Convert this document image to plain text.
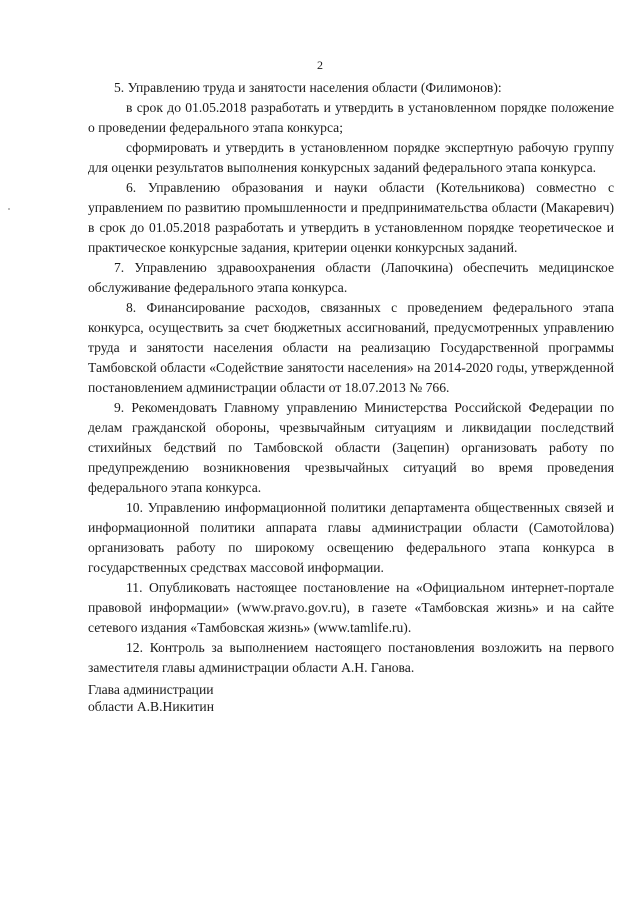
2

5. Управлению труда и занятости населения области (Филимонов):

в срок до 01.05.2018 разработать и утвердить в установленном порядке положение о проведении федерального этапа конкурса;

сформировать и утвердить в установленном порядке экспертную рабочую группу для оценки результатов выполнения конкурсных заданий федерального этапа конкурса.

6. Управлению образования и науки области (Котельникова) совместно с управлением по развитию промышленности и предпринимательства области (Макаревич) в срок до 01.05.2018 разработать и утвердить в установленном порядке теоретическое и практическое конкурсные задания, критерии оценки конкурсных заданий.

7. Управлению здравоохранения области (Лапочкина) обеспечить медицинское обслуживание федерального этапа конкурса.

8. Финансирование расходов, связанных с проведением федерального этапа конкурса, осуществить за счет бюджетных ассигнований, предусмотренных управлению труда и занятости населения области на реализацию Государственной программы Тамбовской области «Содействие занятости населения» на 2014-2020 годы, утвержденной постановлением администрации области от 18.07.2013 № 766.

9. Рекомендовать Главному управлению Министерства Российской Федерации по делам гражданской обороны, чрезвычайным ситуациям и ликвидации последствий стихийных бедствий по Тамбовской области (Зацепин) организовать работу по предупреждению возникновения чрезвычайных ситуаций во время проведения федерального этапа конкурса.

10. Управлению информационной политики департамента общественных связей и информационной политики аппарата главы администрации области (Самотойлова) организовать работу по широкому освещению федерального этапа конкурса в государственных средствах массовой информации.

11. Опубликовать настоящее постановление на «Официальном интернет-портале правовой информации» (www.pravo.gov.ru), в газете «Тамбовская жизнь» и на сайте сетевого издания «Тамбовская жизнь» (www.tamlife.ru).

12. Контроль за выполнением настоящего постановления возложить на первого заместителя главы администрации области А.Н. Ганова.

Глава администрации
области А.В.Никитин
